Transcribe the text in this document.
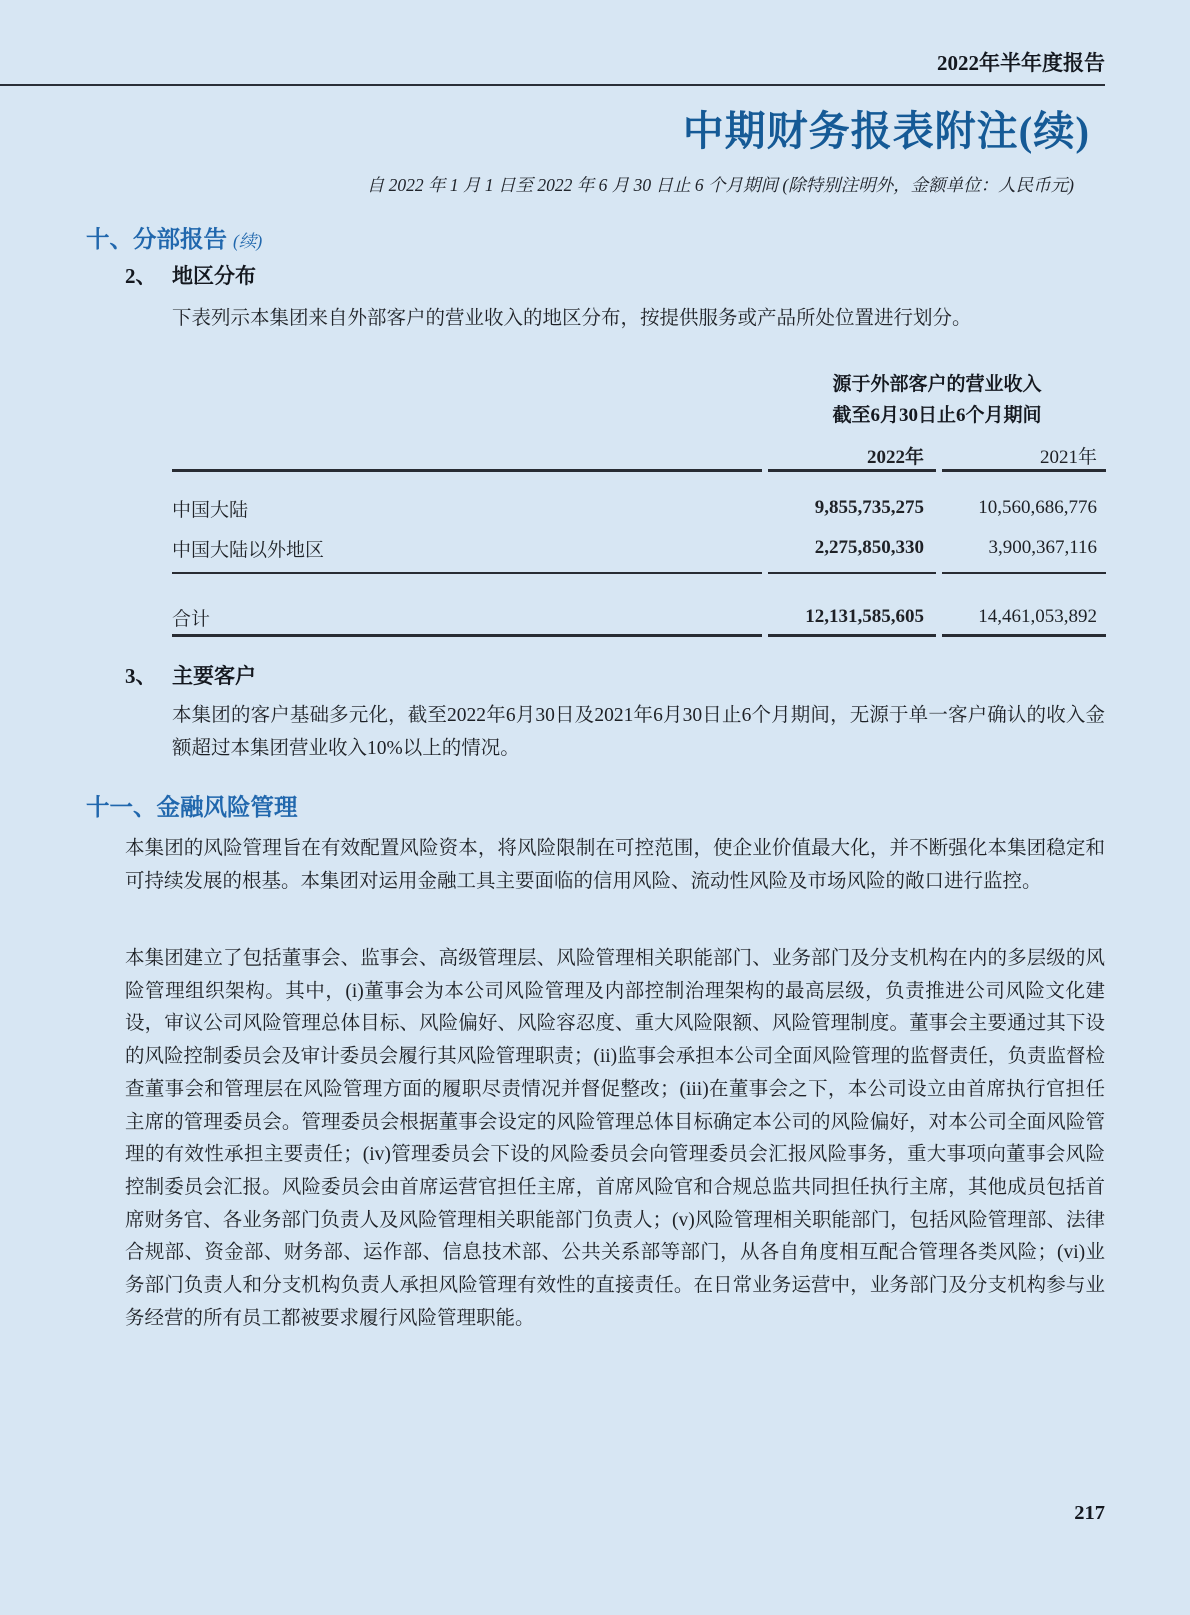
2022年半年度报告
中期财务报表附注(续)
自 2022 年 1 月 1 日至 2022 年 6 月 30 日止 6 个月期间 (除特别注明外，金额单位：人民币元)
十、分部报告 (续)
2、 地区分布
下表列示本集团来自外部客户的营业收入的地区分布，按提供服务或产品所处位置进行划分。
源于外部客户的营业收入
截至6月30日止6个月期间
2022年	2021年
中国大陆	9,855,735,275	10,560,686,776
中国大陆以外地区	2,275,850,330	3,900,367,116
合计	12,131,585,605	14,461,053,892
3、 主要客户
本集团的客户基础多元化，截至2022年6月30日及2021年6月30日止6个月期间，无源于单一客户确认的收入金额超过本集团营业收入10%以上的情况。
十一、金融风险管理
本集团的风险管理旨在有效配置风险资本，将风险限制在可控范围，使企业价值最大化，并不断强化本集团稳定和可持续发展的根基。本集团对运用金融工具主要面临的信用风险、流动性风险及市场风险的敞口进行监控。
本集团建立了包括董事会、监事会、高级管理层、风险管理相关职能部门、业务部门及分支机构在内的多层级的风险管理组织架构。其中，(i)董事会为本公司风险管理及内部控制治理架构的最高层级，负责推进公司风险文化建设，审议公司风险管理总体目标、风险偏好、风险容忍度、重大风险限额、风险管理制度。董事会主要通过其下设的风险控制委员会及审计委员会履行其风险管理职责；(ii)监事会承担本公司全面风险管理的监督责任，负责监督检查董事会和管理层在风险管理方面的履职尽责情况并督促整改；(iii)在董事会之下，本公司设立由首席执行官担任主席的管理委员会。管理委员会根据董事会设定的风险管理总体目标确定本公司的风险偏好，对本公司全面风险管理的有效性承担主要责任；(iv)管理委员会下设的风险委员会向管理委员会汇报风险事务，重大事项向董事会风险控制委员会汇报。风险委员会由首席运营官担任主席，首席风险官和合规总监共同担任执行主席，其他成员包括首席财务官、各业务部门负责人及风险管理相关职能部门负责人；(v)风险管理相关职能部门，包括风险管理部、法律合规部、资金部、财务部、运作部、信息技术部、公共关系部等部门，从各自角度相互配合管理各类风险；(vi)业务部门负责人和分支机构负责人承担风险管理有效性的直接责任。在日常业务运营中，业务部门及分支机构参与业务经营的所有员工都被要求履行风险管理职能。
217
